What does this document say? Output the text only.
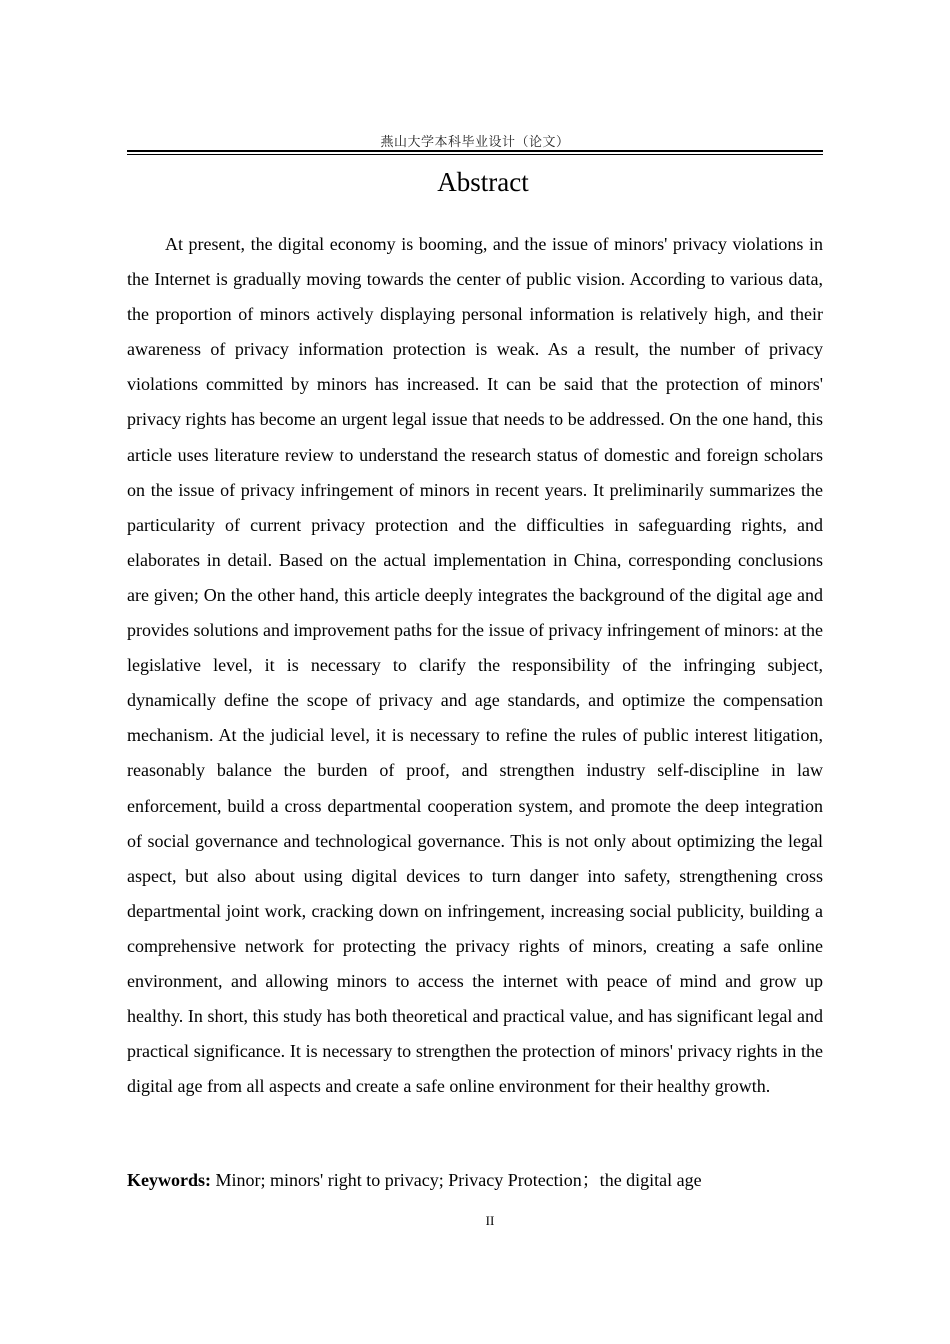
燕山大学本科毕业设计（论文）
Abstract

At present, the digital economy is booming, and the issue of minors' privacy violations in the Internet is gradually moving towards the center of public vision. According to various data, the proportion of minors actively displaying personal information is relatively high, and their awareness of privacy information protection is weak. As a result, the number of privacy violations committed by minors has increased. It can be said that the protection of minors' privacy rights has become an urgent legal issue that needs to be addressed. On the one hand, this article uses literature review to understand the research status of domestic and foreign scholars on the issue of privacy infringement of minors in recent years. It preliminarily summarizes the particularity of current privacy protection and the difficulties in safeguarding rights, and elaborates in detail. Based on the actual implementation in China, corresponding conclusions are given; On the other hand, this article deeply integrates the background of the digital age and provides solutions and improvement paths for the issue of privacy infringement of minors: at the legislative level, it is necessary to clarify the responsibility of the infringing subject, dynamically define the scope of privacy and age standards, and optimize the compensation mechanism. At the judicial level, it is necessary to refine the rules of public interest litigation, reasonably balance the burden of proof, and strengthen industry self-discipline in law enforcement, build a cross departmental cooperation system, and promote the deep integration of social governance and technological governance. This is not only about optimizing the legal aspect, but also about using digital devices to turn danger into safety, strengthening cross departmental joint work, cracking down on infringement, increasing social publicity, building a comprehensive network for protecting the privacy rights of minors, creating a safe online environment, and allowing minors to access the internet with peace of mind and grow up healthy. In short, this study has both theoretical and practical value, and has significant legal and practical significance. It is necessary to strengthen the protection of minors' privacy rights in the digital age from all aspects and create a safe online environment for their healthy growth.

Keywords: Minor; minors' right to privacy; Privacy Protection；the digital age

II
